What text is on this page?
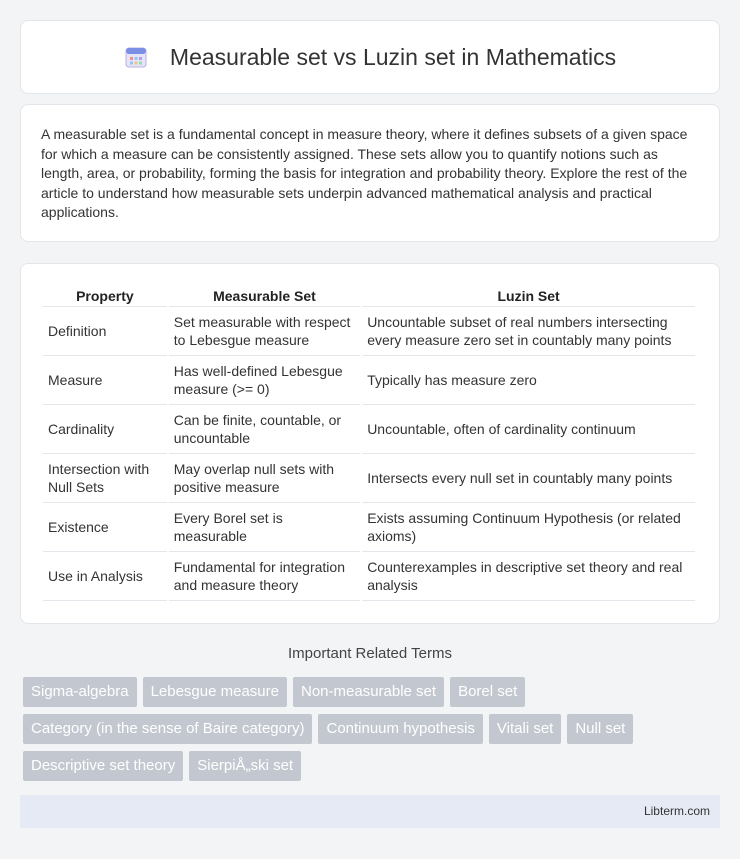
Measurable set vs Luzin set in Mathematics

A measurable set is a fundamental concept in measure theory, where it defines subsets of a given space for which a measure can be consistently assigned. These sets allow you to quantify notions such as length, area, or probability, forming the basis for integration and probability theory. Explore the rest of the article to understand how measurable sets underpin advanced mathematical analysis and practical applications.

Property	Measurable Set	Luzin Set
Definition	Set measurable with respect to Lebesgue measure	Uncountable subset of real numbers intersecting every measure zero set in countably many points
Measure	Has well-defined Lebesgue measure (>= 0)	Typically has measure zero
Cardinality	Can be finite, countable, or uncountable	Uncountable, often of cardinality continuum
Intersection with Null Sets	May overlap null sets with positive measure	Intersects every null set in countably many points
Existence	Every Borel set is measurable	Exists assuming Continuum Hypothesis (or related axioms)
Use in Analysis	Fundamental for integration and measure theory	Counterexamples in descriptive set theory and real analysis
Important Related Terms
Sigma-algebra	Lebesgue measure	Non-measurable set	Borel set
Category (in the sense of Baire category)	Continuum hypothesis	Vitali set	Null set
Descriptive set theory	SierpiÅ„ski set
Libterm.com
